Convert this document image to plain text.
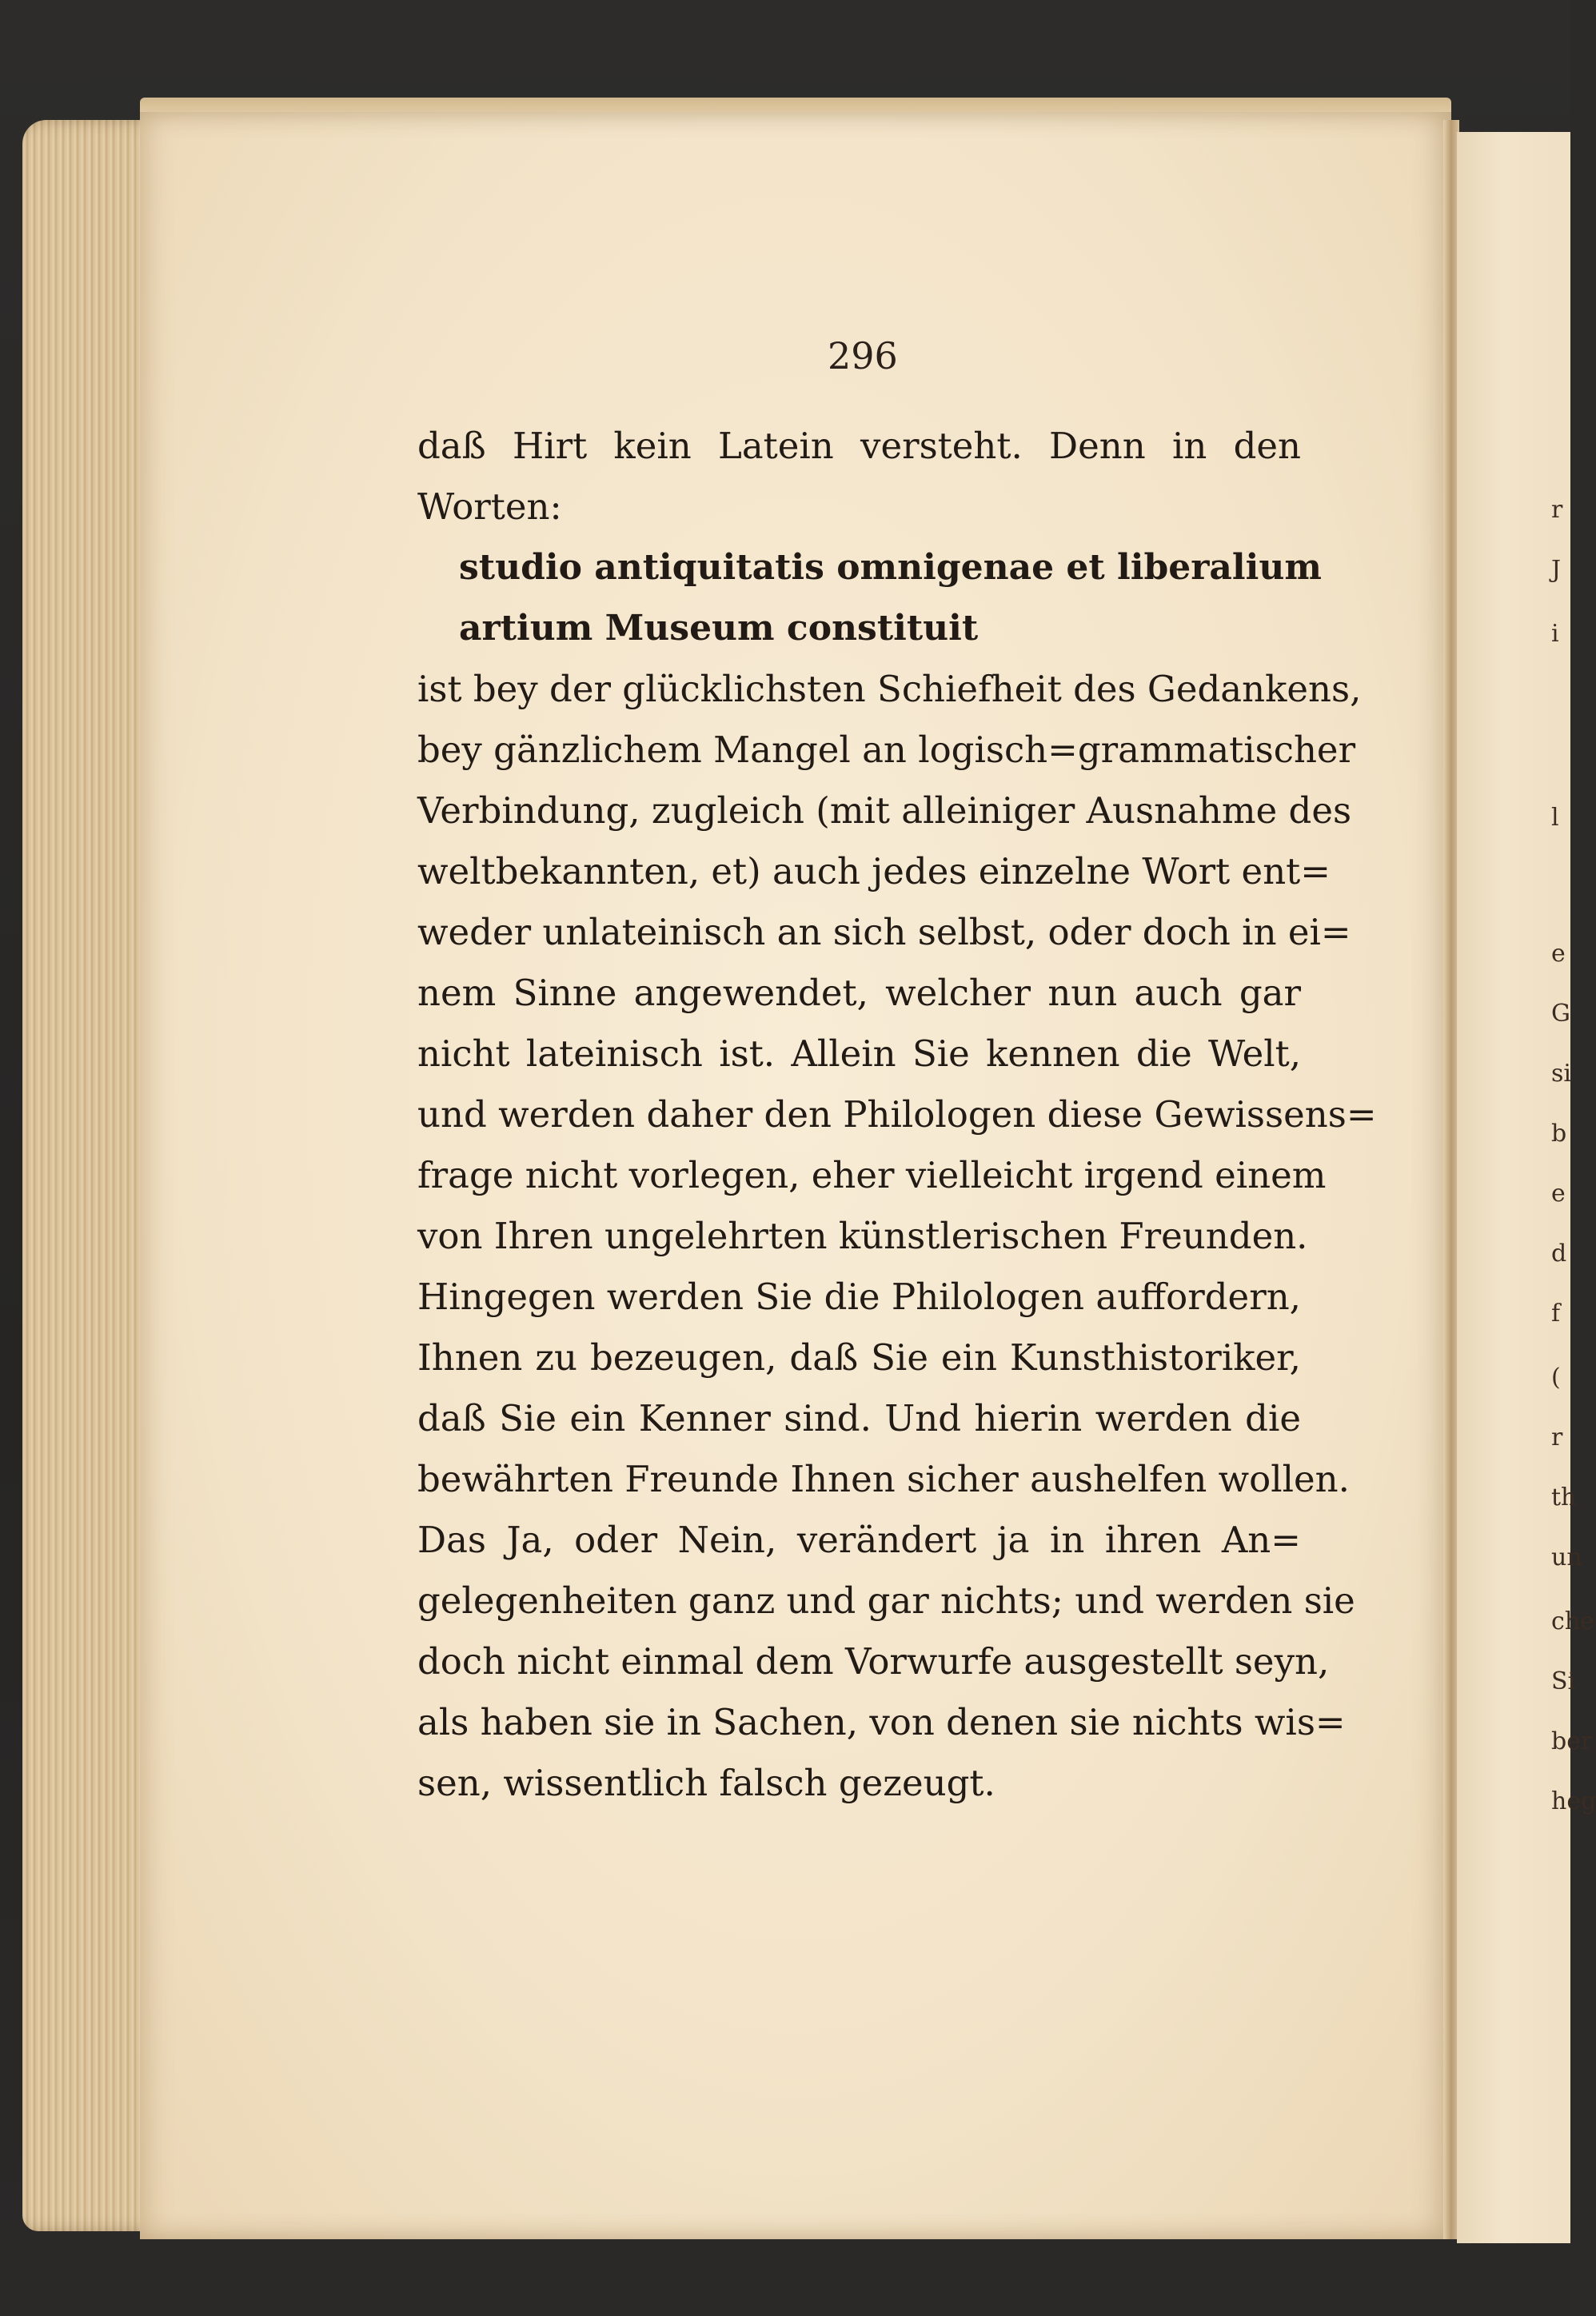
r
J
i
l
e
G
si
b
e
d
f
(
r
th
un
che
Si
ber
heg
296
daß Hirt kein Latein versteht. Denn in den
Worten:
studio antiquitatis omnigenae et liberalium
artium Museum constituit
ist bey der glücklichsten Schiefheit des Gedankens,
bey gänzlichem Mangel an logisch=grammatischer
Verbindung, zugleich (mit alleiniger Ausnahme des
weltbekannten, et) auch jedes einzelne Wort ent=
weder unlateinisch an sich selbst, oder doch in ei=
nem Sinne angewendet, welcher nun auch gar
nicht lateinisch ist. Allein Sie kennen die Welt,
und werden daher den Philologen diese Gewissens=
frage nicht vorlegen, eher vielleicht irgend einem
von Ihren ungelehrten künstlerischen Freunden.
Hingegen werden Sie die Philologen auffordern,
Ihnen zu bezeugen, daß Sie ein Kunsthistoriker,
daß Sie ein Kenner sind. Und hierin werden die
bewährten Freunde Ihnen sicher aushelfen wollen.
Das Ja, oder Nein, verändert ja in ihren An=
gelegenheiten ganz und gar nichts; und werden sie
doch nicht einmal dem Vorwurfe ausgestellt seyn,
als haben sie in Sachen, von denen sie nichts wis=
sen, wissentlich falsch gezeugt.
